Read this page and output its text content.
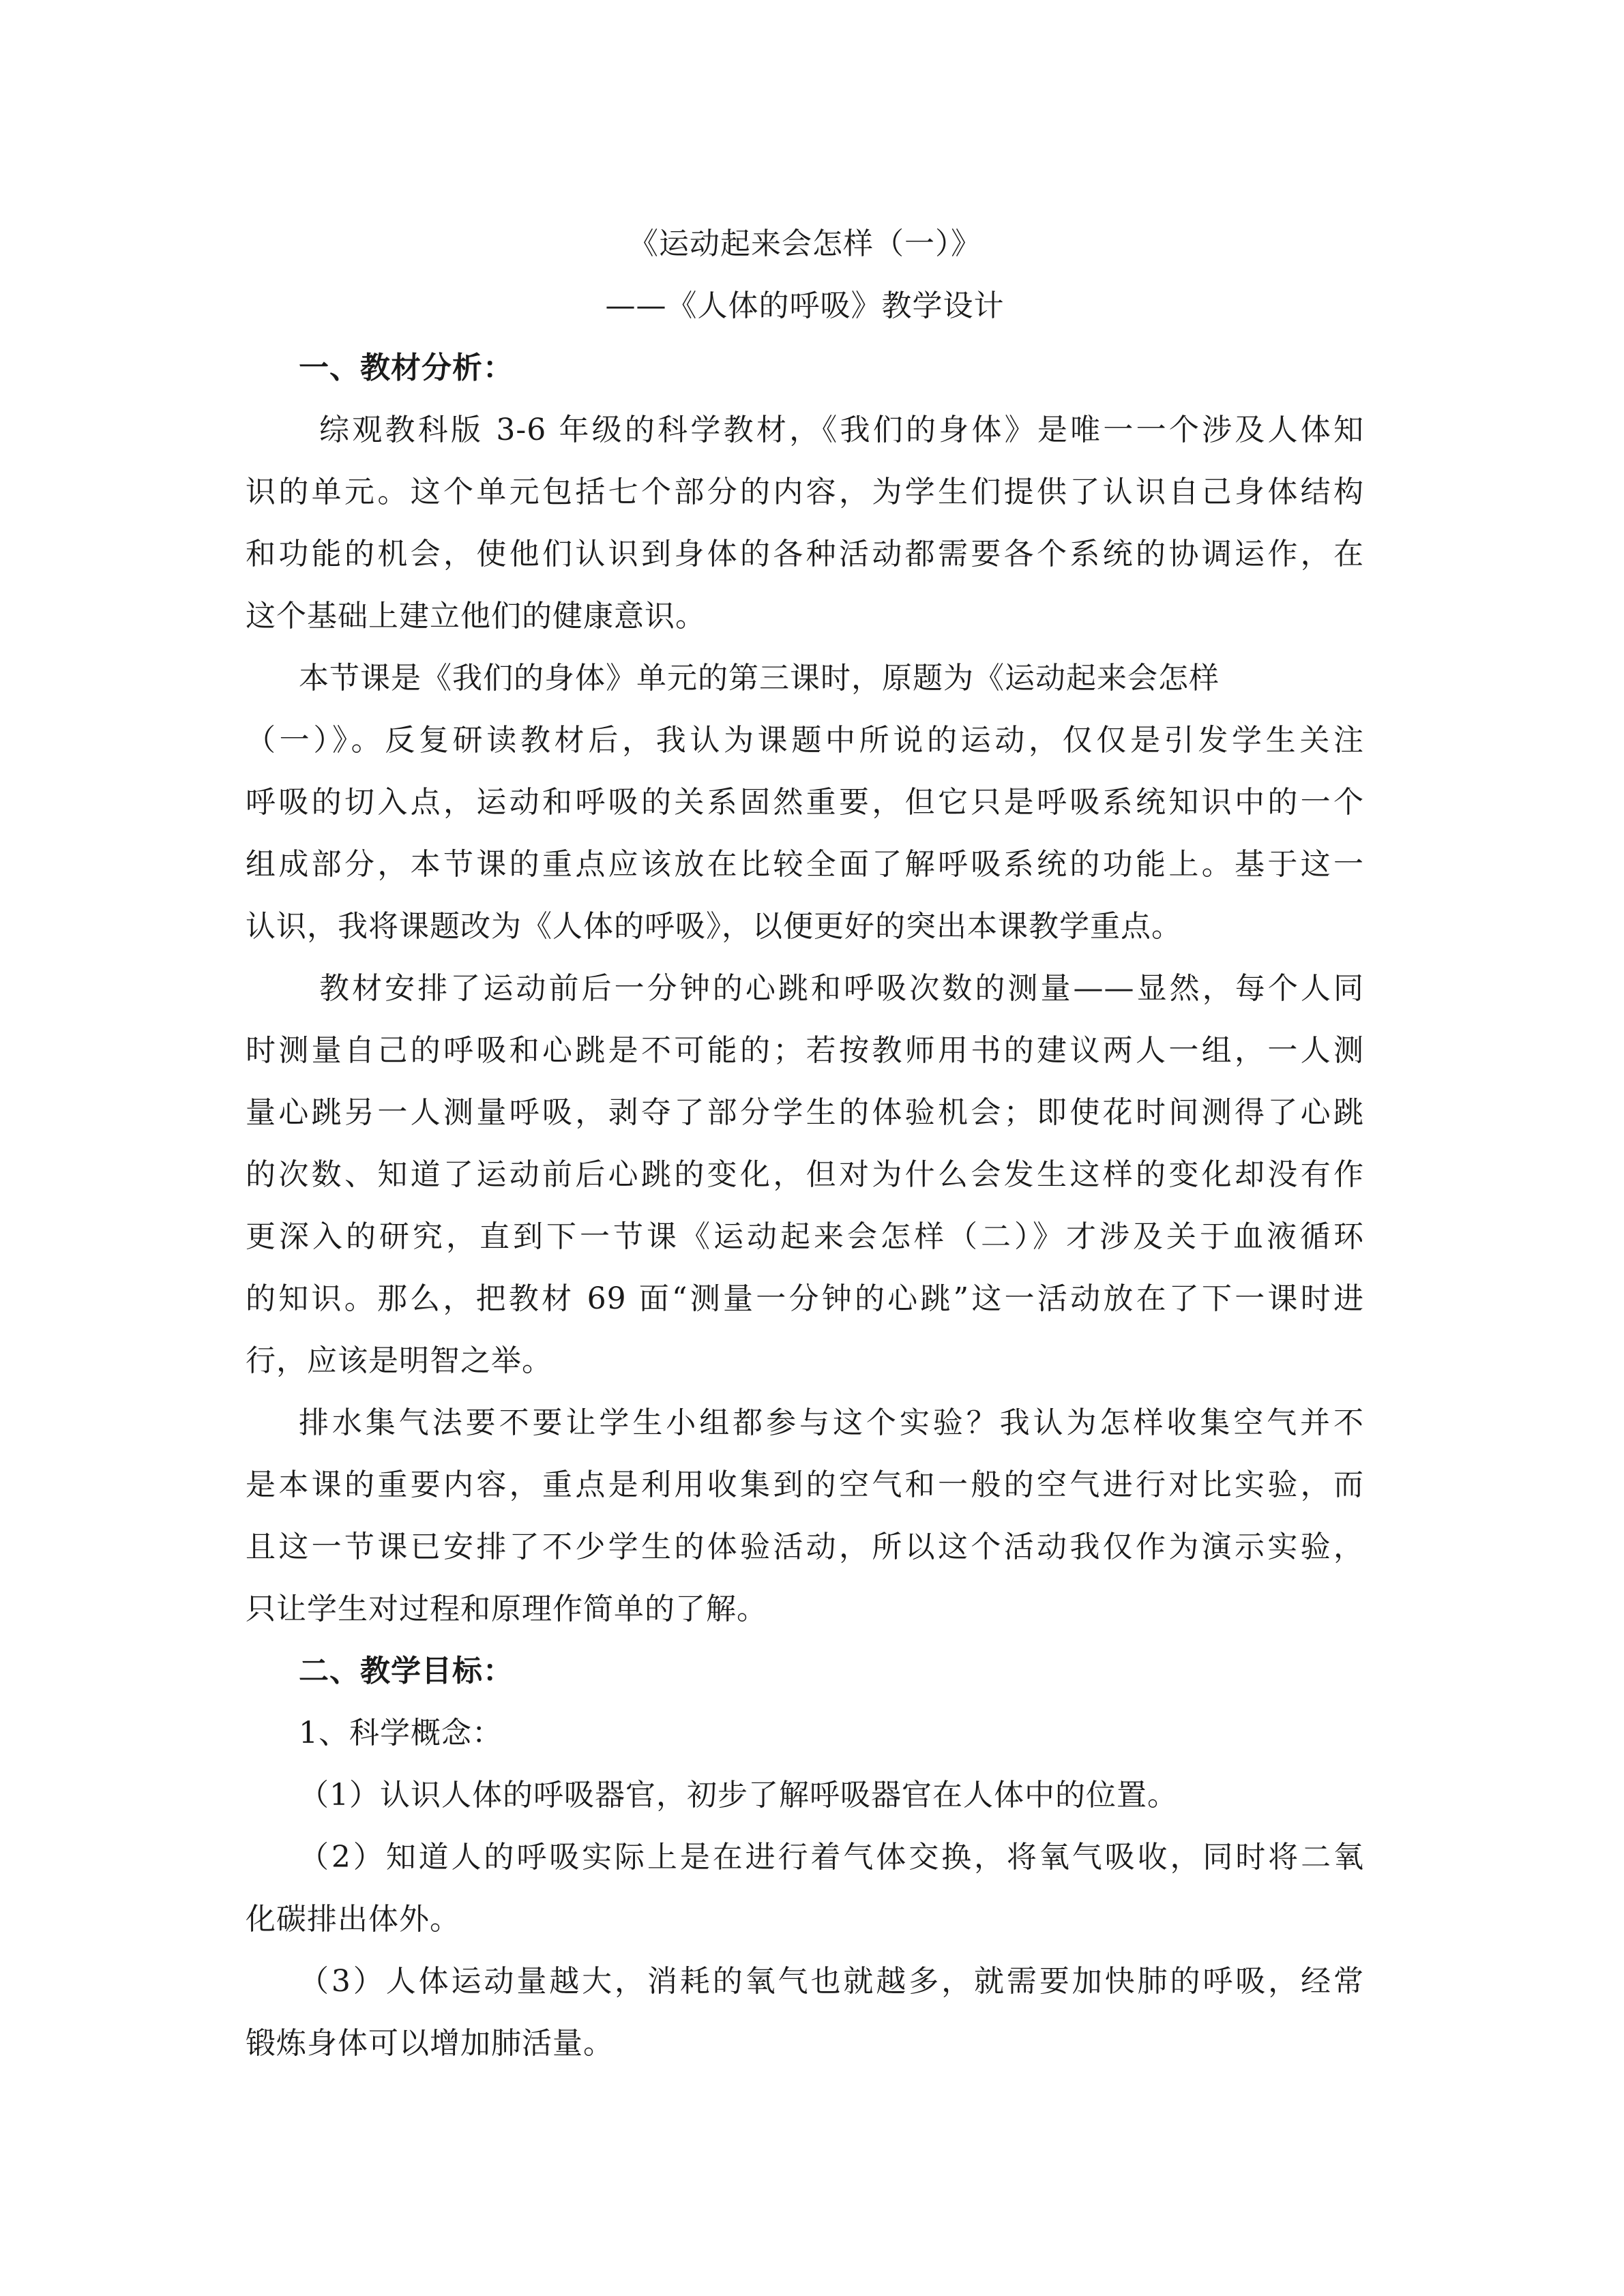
《运动起来会怎样（一）》
——《人体的呼吸》教学设计
一、教材分析：
综观教科版 3-6 年级的科学教材，《我们的身体》是唯一一个涉及人体知
识的单元。这个单元包括七个部分的内容，为学生们提供了认识自己身体结构
和功能的机会，使他们认识到身体的各种活动都需要各个系统的协调运作，在
这个基础上建立他们的健康意识。
本节课是《我们的身体》单元的第三课时，原题为《运动起来会怎样
（一）》。反复研读教材后，我认为课题中所说的运动，仅仅是引发学生关注
呼吸的切入点，运动和呼吸的关系固然重要，但它只是呼吸系统知识中的一个
组成部分，本节课的重点应该放在比较全面了解呼吸系统的功能上。基于这一
认识，我将课题改为《人体的呼吸》，以便更好的突出本课教学重点。
教材安排了运动前后一分钟的心跳和呼吸次数的测量——显然，每个人同
时测量自己的呼吸和心跳是不可能的；若按教师用书的建议两人一组，一人测
量心跳另一人测量呼吸，剥夺了部分学生的体验机会；即使花时间测得了心跳
的次数、知道了运动前后心跳的变化，但对为什么会发生这样的变化却没有作
更深入的研究，直到下一节课《运动起来会怎样（二）》才涉及关于血液循环
的知识。那么，把教材 69 面“测量一分钟的心跳”这一活动放在了下一课时进
行，应该是明智之举。
排水集气法要不要让学生小组都参与这个实验？我认为怎样收集空气并不
是本课的重要内容，重点是利用收集到的空气和一般的空气进行对比实验，而
且这一节课已安排了不少学生的体验活动，所以这个活动我仅作为演示实验，
只让学生对过程和原理作简单的了解。
二、教学目标：
1、科学概念：
（1）认识人体的呼吸器官，初步了解呼吸器官在人体中的位置。
（2）知道人的呼吸实际上是在进行着气体交换，将氧气吸收，同时将二氧
化碳排出体外。
（3）人体运动量越大，消耗的氧气也就越多，就需要加快肺的呼吸，经常
锻炼身体可以增加肺活量。
